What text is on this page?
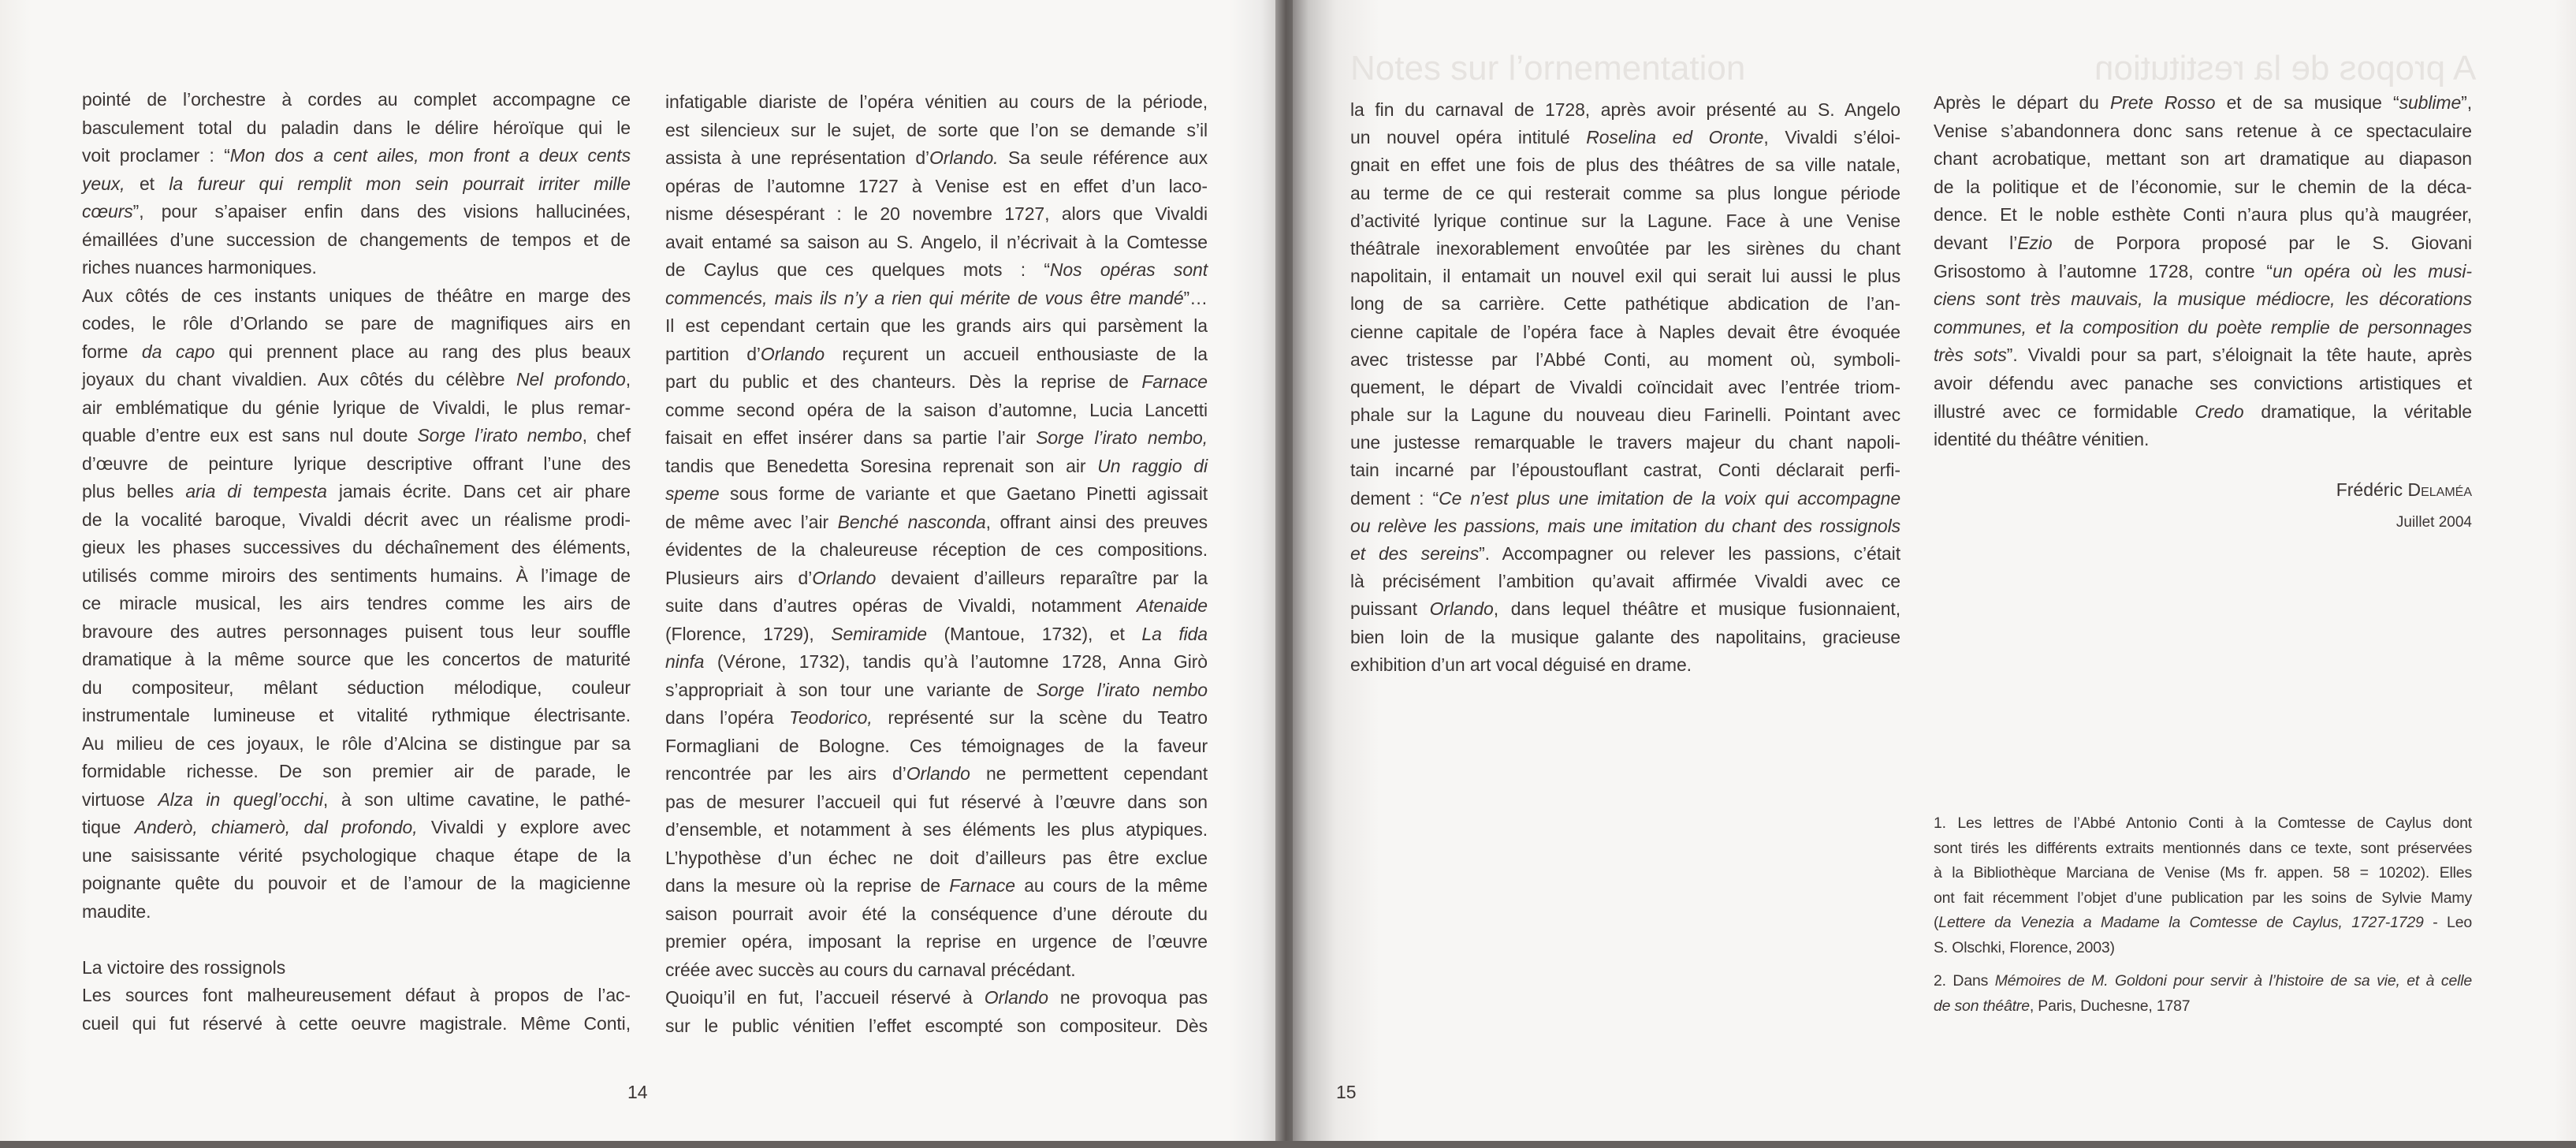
pointé de l’orchestre à cordes au complet accompagne ce
basculement total du paladin dans le délire héroïque qui le
voit proclamer : “Mon dos a cent ailes, mon front a deux cents
yeux, et la fureur qui remplit mon sein pourrait irriter mille
cœurs”, pour s’apaiser enfin dans des visions hallucinées,
émaillées d’une succession de changements de tempos et de
riches nuances harmoniques.
Aux côtés de ces instants uniques de théâtre en marge des
codes, le rôle d’Orlando se pare de magnifiques airs en
forme da capo qui prennent place au rang des plus beaux
joyaux du chant vivaldien. Aux côtés du célèbre Nel profondo,
air emblématique du génie lyrique de Vivaldi, le plus remar-
quable d’entre eux est sans nul doute Sorge l’irato nembo, chef
d’œuvre de peinture lyrique descriptive offrant l’une des
plus belles aria di tempesta jamais écrite. Dans cet air phare
de la vocalité baroque, Vivaldi décrit avec un réalisme prodi-
gieux les phases successives du déchaînement des éléments,
utilisés comme miroirs des sentiments humains. À l’image de
ce miracle musical, les airs tendres comme les airs de
bravoure des autres personnages puisent tous leur souffle
dramatique à la même source que les concertos de maturité
du compositeur, mêlant séduction mélodique, couleur
instrumentale lumineuse et vitalité rythmique électrisante.
Au milieu de ces joyaux, le rôle d’Alcina se distingue par sa
formidable richesse. De son premier air de parade, le
virtuose Alza in quegl’occhi, à son ultime cavatine, le pathé-
tique Anderò, chiamerò, dal profondo, Vivaldi y explore avec
une saisissante vérité psychologique chaque étape de la
poignante quête du pouvoir et de l’amour de la magicienne
maudite.
La victoire des rossignols
Les sources font malheureusement défaut à propos de l’ac-
cueil qui fut réservé à cette oeuvre magistrale. Même Conti,
infatigable diariste de l’opéra vénitien au cours de la période,
est silencieux sur le sujet, de sorte que l’on se demande s’il
assista à une représentation d’Orlando. Sa seule référence aux
opéras de l’automne 1727 à Venise est en effet d’un laco-
nisme désespérant : le 20 novembre 1727, alors que Vivaldi
avait entamé sa saison au S. Angelo, il n’écrivait à la Comtesse
de Caylus que ces quelques mots : “Nos opéras sont
commencés, mais ils n’y a rien qui mérite de vous être mandé”…
Il est cependant certain que les grands airs qui parsèment la
partition d’Orlando reçurent un accueil enthousiaste de la
part du public et des chanteurs. Dès la reprise de Farnace
comme second opéra de la saison d’automne, Lucia Lancetti
faisait en effet insérer dans sa partie l’air Sorge l’irato nembo,
tandis que Benedetta Soresina reprenait son air Un raggio di
speme sous forme de variante et que Gaetano Pinetti agissait
de même avec l’air Benché nasconda, offrant ainsi des preuves
évidentes de la chaleureuse réception de ces compositions.
Plusieurs airs d’Orlando devaient d’ailleurs reparaître par la
suite dans d’autres opéras de Vivaldi, notamment Atenaide
(Florence, 1729), Semiramide (Mantoue, 1732), et La fida
ninfa (Vérone, 1732), tandis qu’à l’automne 1728, Anna Girò
s’appropriait à son tour une variante de Sorge l’irato nembo
dans l’opéra Teodorico, représenté sur la scène du Teatro
Formagliani de Bologne. Ces témoignages de la faveur
rencontrée par les airs d’Orlando ne permettent cependant
pas de mesurer l’accueil qui fut réservé à l’œuvre dans son
d’ensemble, et notamment à ses éléments les plus atypiques.
L’hypothèse d’un échec ne doit d’ailleurs pas être exclue
dans la mesure où la reprise de Farnace au cours de la même
saison pourrait avoir été la conséquence d’une déroute du
premier opéra, imposant la reprise en urgence de l’œuvre
créée avec succès au cours du carnaval précédant.
Quoiqu’il en fut, l’accueil réservé à Orlando ne provoqua pas
sur le public vénitien l’effet escompté son compositeur. Dès
14
Notes sur l’ornementation	A propos de la restitution
la fin du carnaval de 1728, après avoir présenté au S. Angelo
un nouvel opéra intitulé Roselina ed Oronte, Vivaldi s’éloi-
gnait en effet une fois de plus des théâtres de sa ville natale,
au terme de ce qui resterait comme sa plus longue période
d’activité lyrique continue sur la Lagune. Face à une Venise
théâtrale inexorablement envoûtée par les sirènes du chant
napolitain, il entamait un nouvel exil qui serait lui aussi le plus
long de sa carrière. Cette pathétique abdication de l’an-
cienne capitale de l’opéra face à Naples devait être évoquée
avec tristesse par l’Abbé Conti, au moment où, symboli-
quement, le départ de Vivaldi coïncidait avec l’entrée triom-
phale sur la Lagune du nouveau dieu Farinelli. Pointant avec
une justesse remarquable le travers majeur du chant napoli-
tain incarné par l’époustouflant castrat, Conti déclarait perfi-
dement : “Ce n’est plus une imitation de la voix qui accompagne
ou relève les passions, mais une imitation du chant des rossignols
et des sereins”. Accompagner ou relever les passions, c’était
là précisément l’ambition qu’avait affirmée Vivaldi avec ce
puissant Orlando, dans lequel théâtre et musique fusionnaient,
bien loin de la musique galante des napolitains, gracieuse
exhibition d’un art vocal déguisé en drame.
Après le départ du Prete Rosso et de sa musique “sublime”,
Venise s’abandonnera donc sans retenue à ce spectaculaire
chant acrobatique, mettant son art dramatique au diapason
de la politique et de l’économie, sur le chemin de la déca-
dence. Et le noble esthète Conti n’aura plus qu’à maugréer,
devant l’Ezio de Porpora proposé par le S. Giovani
Grisostomo à l’automne 1728, contre “un opéra où les musi-
ciens sont très mauvais, la musique médiocre, les décorations
communes, et la composition du poète remplie de personnages
très sots”. Vivaldi pour sa part, s’éloignait la tête haute, après
avoir défendu avec panache ses convictions artistiques et
illustré avec ce formidable Credo dramatique, la véritable
identité du théâtre vénitien.
Frédéric Delaméa
Juillet 2004
1. Les lettres de l’Abbé Antonio Conti à la Comtesse de Caylus dont
sont tirés les différents extraits mentionnés dans ce texte, sont préservées
à la Bibliothèque Marciana de Venise (Ms fr. appen. 58 = 10202). Elles
ont fait récemment l’objet d’une publication par les soins de Sylvie Mamy
(Lettere da Venezia a Madame la Comtesse de Caylus, 1727-1729 - Leo
S. Olschki, Florence, 2003)
2. Dans Mémoires de M. Goldoni pour servir à l’histoire de sa vie, et à celle
de son théâtre, Paris, Duchesne, 1787
15
